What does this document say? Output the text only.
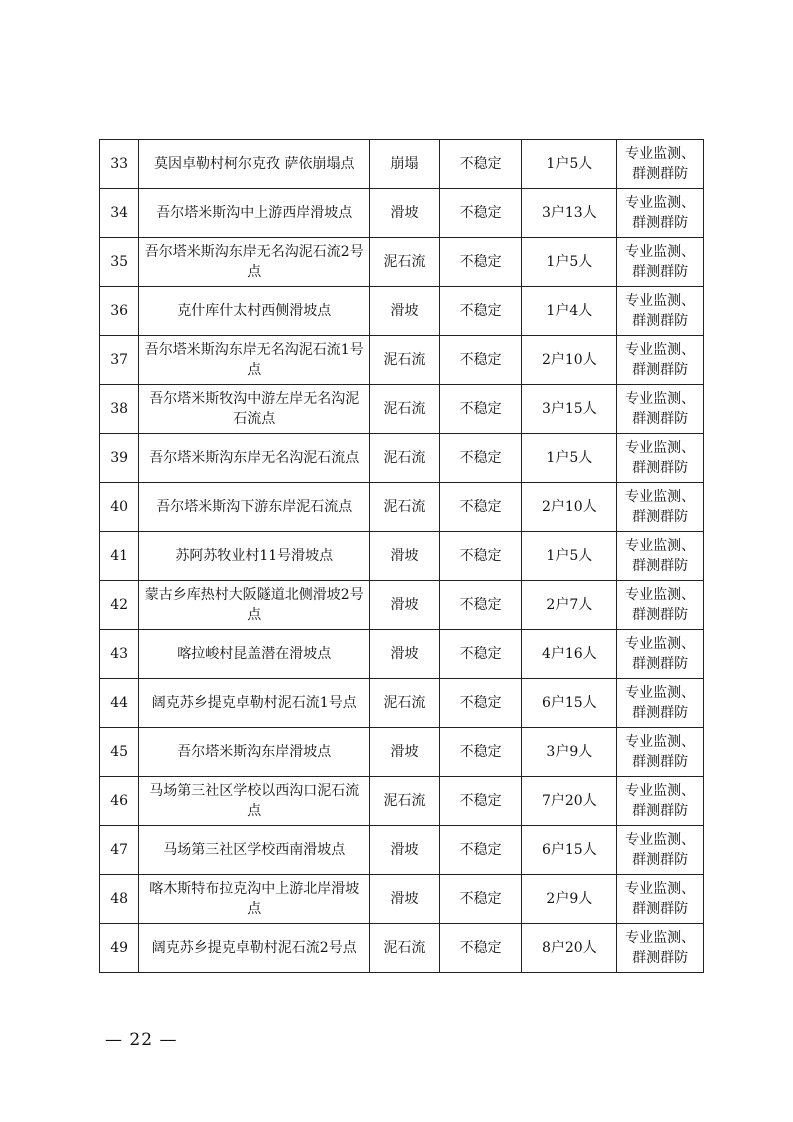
33	莫因卓勒村柯尔克孜 萨依崩塌点	崩塌	不稳定	1户5人	专业监测、群测群防
34	吾尔塔米斯沟中上游西岸滑坡点	滑坡	不稳定	3户13人	专业监测、群测群防
35	吾尔塔米斯沟东岸无名沟泥石流2号点	泥石流	不稳定	1户5人	专业监测、群测群防
36	克什库什太村西侧滑坡点	滑坡	不稳定	1户4人	专业监测、群测群防
37	吾尔塔米斯沟东岸无名沟泥石流1号点	泥石流	不稳定	2户10人	专业监测、群测群防
38	吾尔塔米斯牧沟中游左岸无名沟泥石流点	泥石流	不稳定	3户15人	专业监测、群测群防
39	吾尔塔米斯沟东岸无名沟泥石流点	泥石流	不稳定	1户5人	专业监测、群测群防
40	吾尔塔米斯沟下游东岸泥石流点	泥石流	不稳定	2户10人	专业监测、群测群防
41	苏阿苏牧业村11号滑坡点	滑坡	不稳定	1户5人	专业监测、群测群防
42	蒙古乡库热村大阪隧道北侧滑坡2号点	滑坡	不稳定	2户7人	专业监测、群测群防
43	喀拉峻村昆盖潜在滑坡点	滑坡	不稳定	4户16人	专业监测、群测群防
44	阔克苏乡提克卓勒村泥石流1号点	泥石流	不稳定	6户15人	专业监测、群测群防
45	吾尔塔米斯沟东岸滑坡点	滑坡	不稳定	3户9人	专业监测、群测群防
46	马场第三社区学校以西沟口泥石流点	泥石流	不稳定	7户20人	专业监测、群测群防
47	马场第三社区学校西南滑坡点	滑坡	不稳定	6户15人	专业监测、群测群防
48	喀木斯特布拉克沟中上游北岸滑坡点	滑坡	不稳定	2户9人	专业监测、群测群防
49	阔克苏乡提克卓勒村泥石流2号点	泥石流	不稳定	8户20人	专业监测、群测群防
— 22 —
